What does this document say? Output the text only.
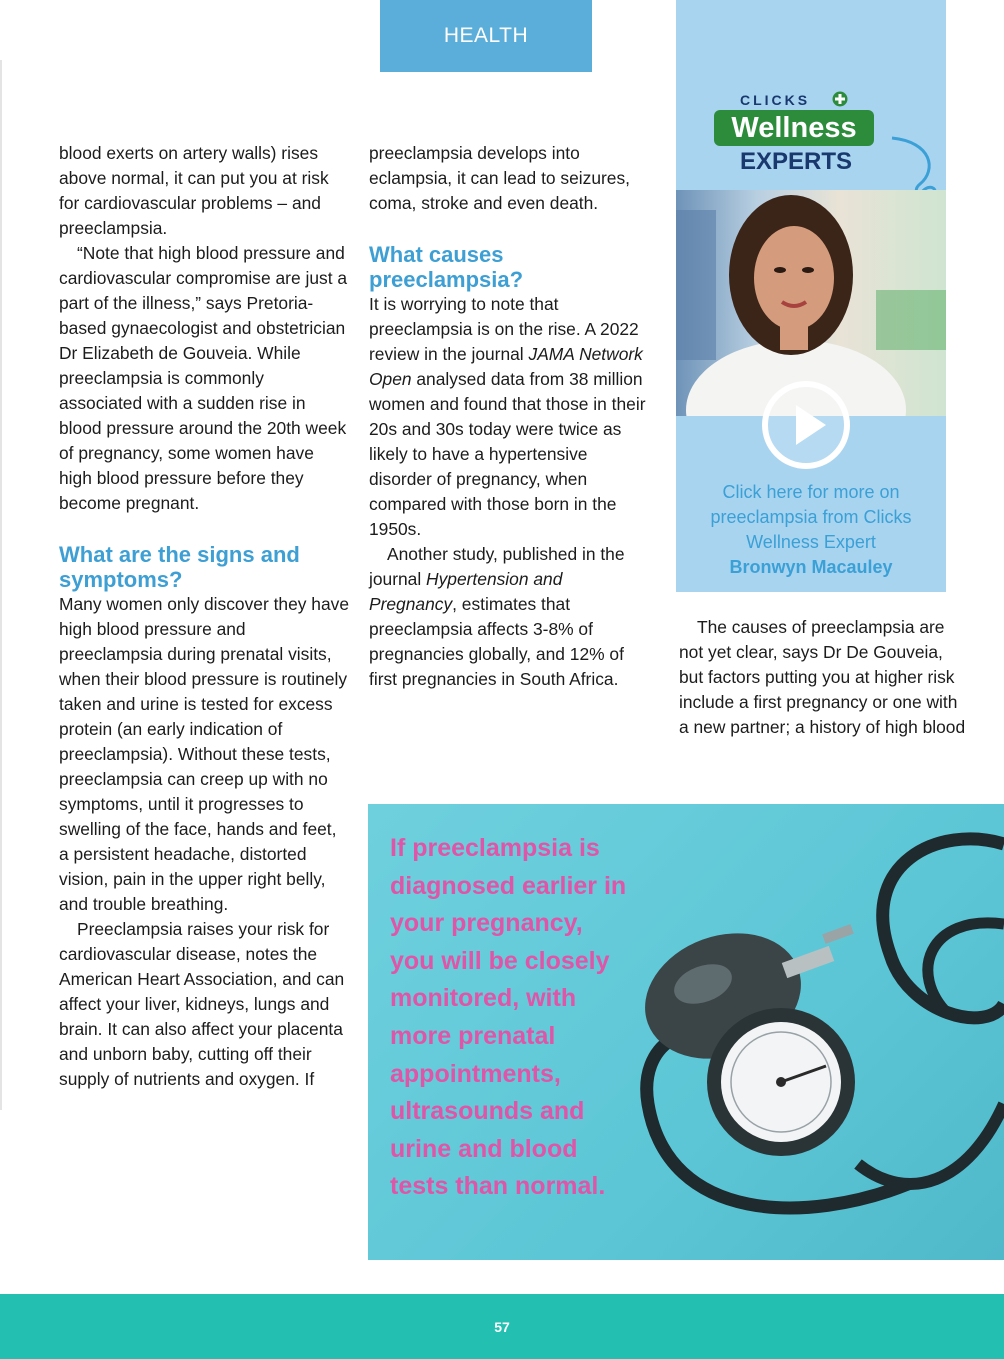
HEALTH

blood exerts on artery walls) rises above normal, it can put you at risk for cardiovascular problems – and preeclampsia.

“Note that high blood pressure and cardiovascular compromise are just a part of the illness,” says Pretoria-based gynaecologist and obstetrician Dr Elizabeth de Gouveia. While preeclampsia is commonly associated with a sudden rise in blood pressure around the 20th week of pregnancy, some women have high blood pressure before they become pregnant.

What are the signs and symptoms?

Many women only discover they have high blood pressure and preeclampsia during prenatal visits, when their blood pressure is routinely taken and urine is tested for excess protein (an early indication of preeclampsia). Without these tests, preeclampsia can creep up with no symptoms, until it progresses to swelling of the face, hands and feet, a persistent headache, distorted vision, pain in the upper right belly, and trouble breathing.

Preeclampsia raises your risk for cardiovascular disease, notes the American Heart Association, and can affect your liver, kidneys, lungs and brain. It can also affect your placenta and unborn baby, cutting off their supply of nutrients and oxygen. If

preeclampsia develops into eclampsia, it can lead to seizures, coma, stroke and even death.

What causes preeclampsia?

It is worrying to note that preeclampsia is on the rise. A 2022 review in the journal JAMA Network Open analysed data from 38 million women and found that those in their 20s and 30s today were twice as likely to have a hypertensive disorder of pregnancy, when compared with those born in the 1950s.

Another study, published in the journal Hypertension and Pregnancy, estimates that preeclampsia affects 3-8% of pregnancies globally, and 12% of first pregnancies in South Africa.

The causes of preeclampsia are not yet clear, says Dr De Gouveia, but factors putting you at higher risk include a first pregnancy or one with a new partner; a history of high blood

CLICKS
Wellness
EXPERTS
Click here for more on preeclampsia from Clicks Wellness Expert
Bronwyn Macauley
If preeclampsia is diagnosed earlier in your pregnancy, you will be closely monitored, with more prenatal appointments, ultrasounds and urine and blood tests than normal.
57
